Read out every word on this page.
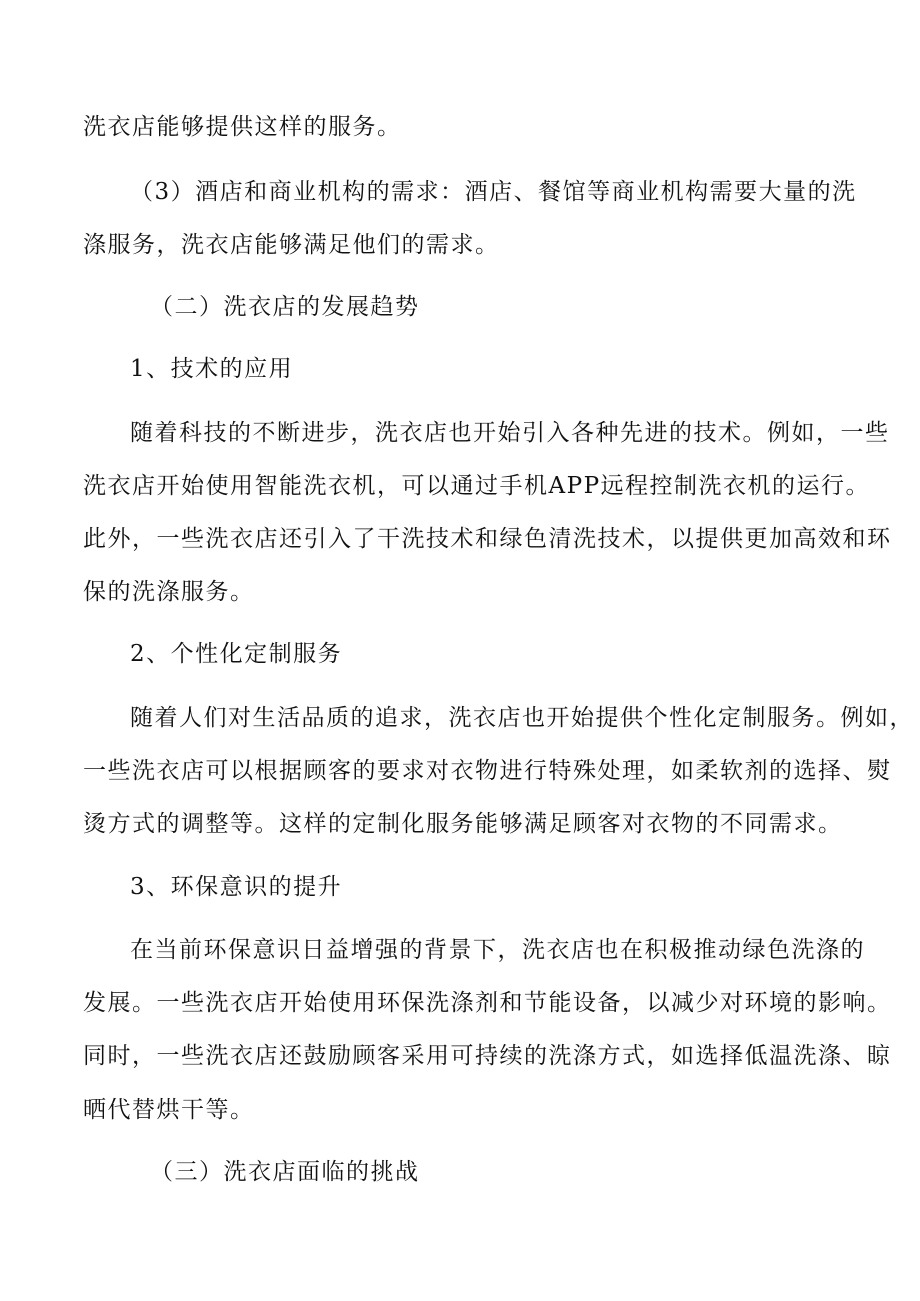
洗衣店能够提供这样的服务。
（3）酒店和商业机构的需求：酒店、餐馆等商业机构需要大量的洗
涤服务，洗衣店能够满足他们的需求。
（二）洗衣店的发展趋势
1、技术的应用
随着科技的不断进步，洗衣店也开始引入各种先进的技术。例如，一些
洗衣店开始使用智能洗衣机，可以通过手机APP远程控制洗衣机的运行。
此外，一些洗衣店还引入了干洗技术和绿色清洗技术，以提供更加高效和环
保的洗涤服务。
2、个性化定制服务
随着人们对生活品质的追求，洗衣店也开始提供个性化定制服务。例如，
一些洗衣店可以根据顾客的要求对衣物进行特殊处理，如柔软剂的选择、熨
烫方式的调整等。这样的定制化服务能够满足顾客对衣物的不同需求。
3、环保意识的提升
在当前环保意识日益增强的背景下，洗衣店也在积极推动绿色洗涤的
发展。一些洗衣店开始使用环保洗涤剂和节能设备，以减少对环境的影响。
同时，一些洗衣店还鼓励顾客采用可持续的洗涤方式，如选择低温洗涤、晾
晒代替烘干等。
（三）洗衣店面临的挑战
